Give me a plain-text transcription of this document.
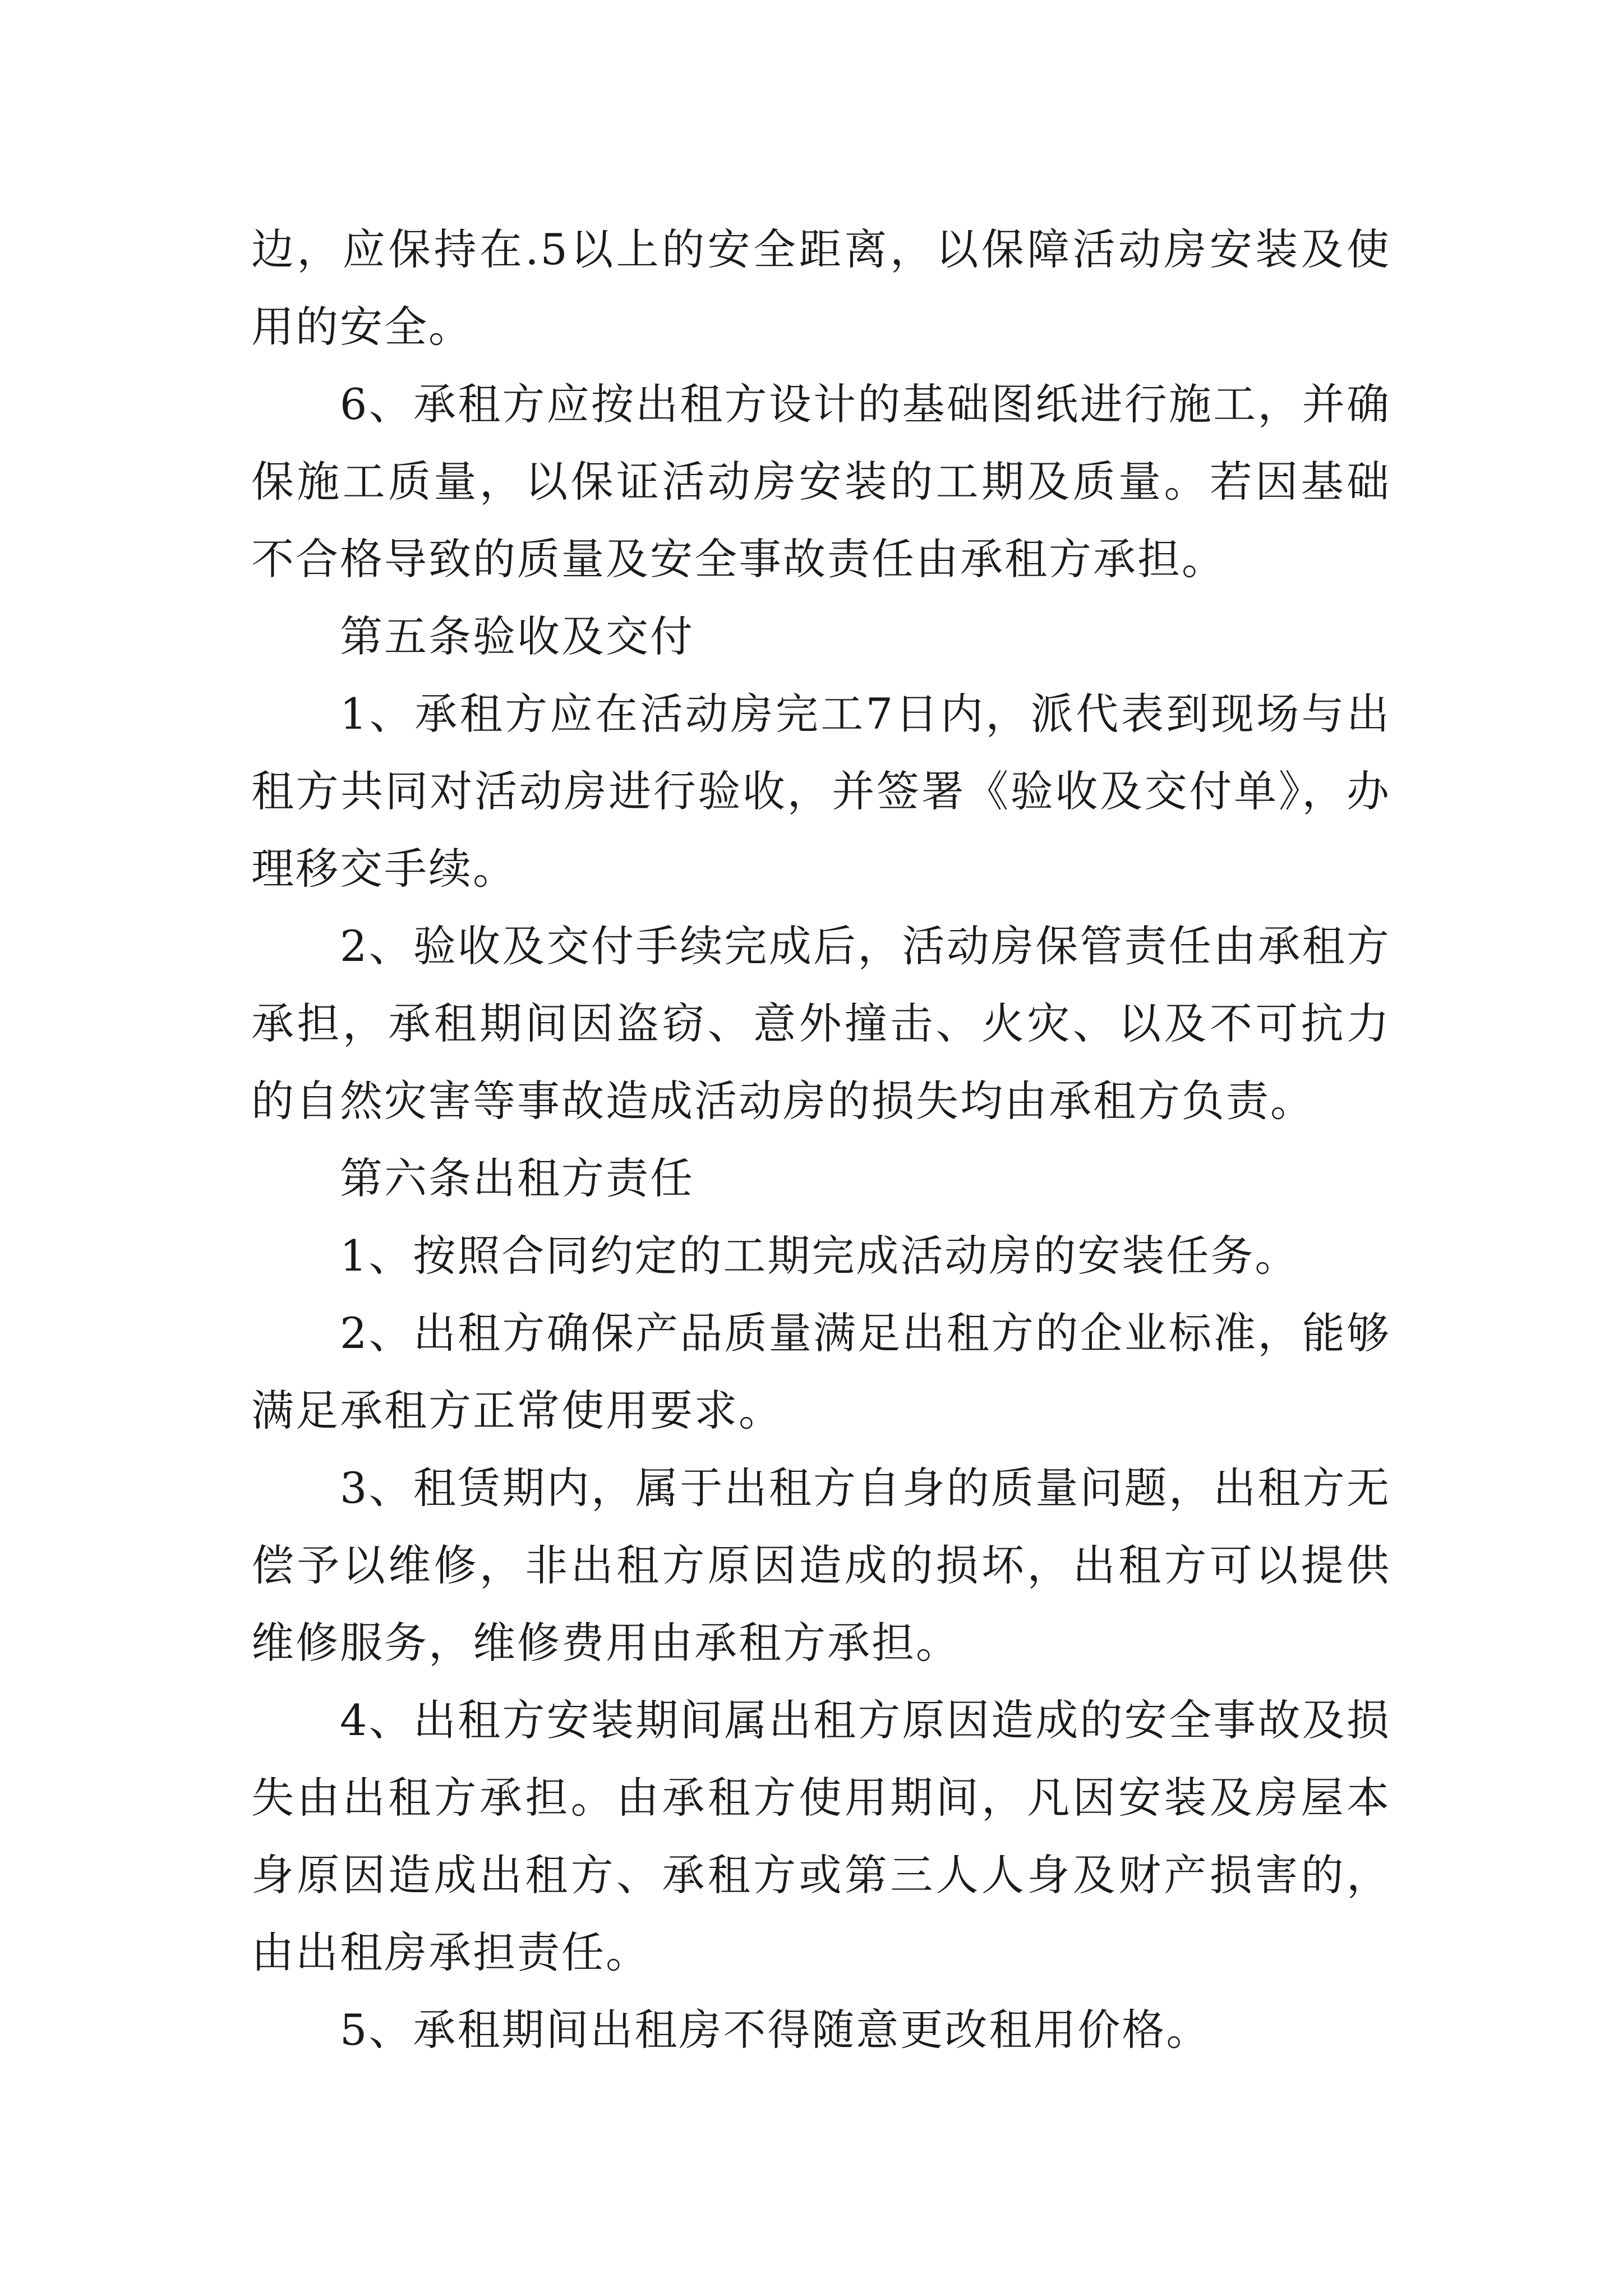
边，应保持在.5以上的安全距离，以保障活动房安装及使用的安全。

6、承租方应按出租方设计的基础图纸进行施工，并确保施工质量，以保证活动房安装的工期及质量。若因基础不合格导致的质量及安全事故责任由承租方承担。

第五条验收及交付

1、承租方应在活动房完工7日内，派代表到现场与出租方共同对活动房进行验收，并签署《验收及交付单》，办理移交手续。

2、验收及交付手续完成后，活动房保管责任由承租方承担，承租期间因盗窃、意外撞击、火灾、以及不可抗力的自然灾害等事故造成活动房的损失均由承租方负责。

第六条出租方责任

1、按照合同约定的工期完成活动房的安装任务。

2、出租方确保产品质量满足出租方的企业标准，能够满足承租方正常使用要求。

3、租赁期内，属于出租方自身的质量问题，出租方无偿予以维修，非出租方原因造成的损坏，出租方可以提供维修服务，维修费用由承租方承担。

4、出租方安装期间属出租方原因造成的安全事故及损失由出租方承担。由承租方使用期间，凡因安装及房屋本身原因造成出租方、承租方或第三人人身及财产损害的，由出租房承担责任。

5、承租期间出租房不得随意更改租用价格。
